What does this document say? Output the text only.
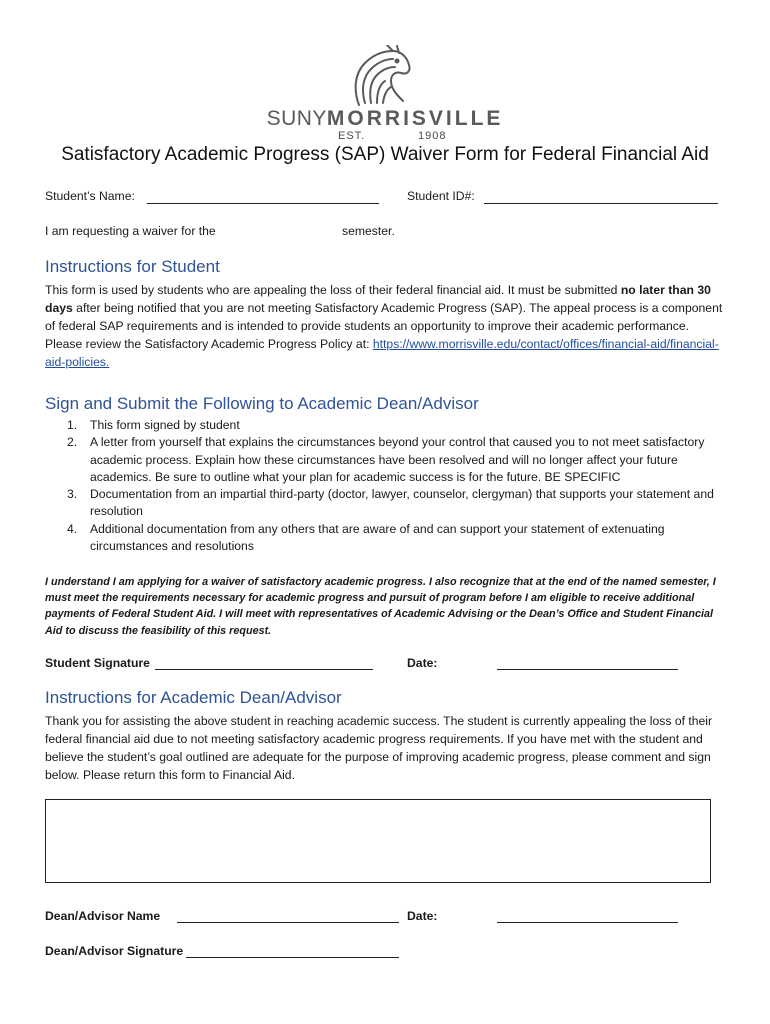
EST.	1908
SUNYMORRISVILLE
Satisfactory Academic Progress (SAP) Waiver Form for Federal Financial Aid
Student’s Name:	Student ID#:
I am requesting a waiver for the	semester.
Instructions for Student
This form is used by students who are appealing the loss of their federal financial aid. It must be submitted no later than 30 days after being notified that you are not meeting Satisfactory Academic Progress (SAP). The appeal process is a component of federal SAP requirements and is intended to provide students an opportunity to improve their academic performance. Please review the Satisfactory Academic Progress Policy at: https://www.morrisville.edu/contact/offices/financial-aid/financial-aid-policies.
Sign and Submit the Following to Academic Dean/Advisor
1. This form signed by student
2. A letter from yourself that explains the circumstances beyond your control that caused you to not meet satisfactory academic process. Explain how these circumstances have been resolved and will no longer affect your future academics. Be sure to outline what your plan for academic success is for the future. BE SPECIFIC
3. Documentation from an impartial third-party (doctor, lawyer, counselor, clergyman) that supports your statement and resolution
4. Additional documentation from any others that are aware of and can support your statement of extenuating circumstances and resolutions
I understand I am applying for a waiver of satisfactory academic progress. I also recognize that at the end of the named semester, I must meet the requirements necessary for academic progress and pursuit of program before I am eligible to receive additional payments of Federal Student Aid. I will meet with representatives of Academic Advising or the Dean’s Office and Student Financial Aid to discuss the feasibility of this request.
Student Signature	Date:
Instructions for Academic Dean/Advisor
Thank you for assisting the above student in reaching academic success. The student is currently appealing the loss of their federal financial aid due to not meeting satisfactory academic progress requirements. If you have met with the student and believe the student’s goal outlined are adequate for the purpose of improving academic progress, please comment and sign below. Please return this form to Financial Aid.
Dean/Advisor Name	Date:
Dean/Advisor Signature
